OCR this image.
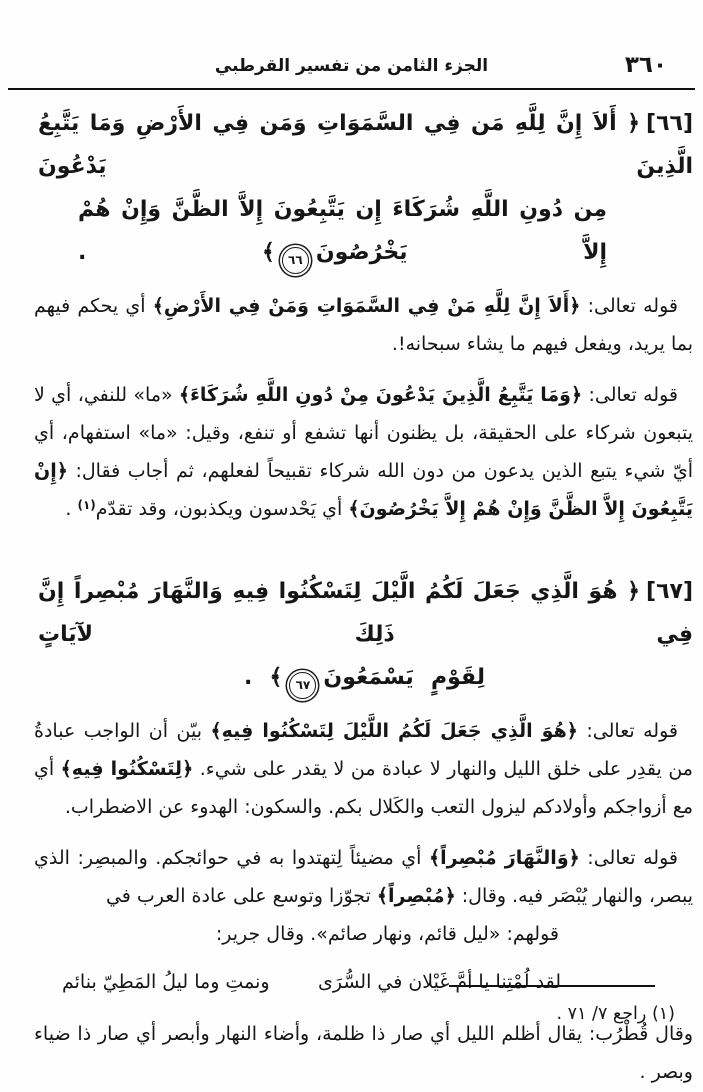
الجزء الثامن من تفسير القرطبي	٣٦٠
[٦٦]﴿ أَلاَ إِنَّ لِلَّهِ مَن فِي السَّمَوَاتِ وَمَن فِي الأَرْضِ وَمَا يَتَّبِعُ الَّذِينَ يَدْعُونَ
مِن دُونِ اللَّهِ شُرَكَاءَ إِن يَتَّبِعُونَ إِلاَّ الظَّنَّ وَإِنْ هُمْ إِلاَّ يَخْرُصُونَ٦٦﴾ .

قوله تعالى: ﴿أَلاَ إِنَّ لِلَّهِ مَنْ فِي السَّمَوَاتِ وَمَنْ فِي الأَرْضِ﴾ أي يحكم فيهم بما يريد، ويفعل فيهم ما يشاء سبحانه!.

قوله تعالى: ﴿وَمَا يَتَّبِعُ الَّذِينَ يَدْعُونَ مِنْ دُونِ اللَّهِ شُرَكَاءَ﴾ «ما» للنفي، أي لا يتبعون شركاء على الحقيقة، بل يظنون أنها تشفع أو تنفع، وقيل: «ما» استفهام، أي أيّ شيء يتبع الذين يدعون من دون الله شركاء تقبيحاً لفعلهم، ثم أجاب فقال: ﴿إِنْ يَتَّبِعُونَ إِلاَّ الظَّنَّ وَإِنْ هُمْ إِلاَّ يَخْرُصُونَ﴾ أي يَحْدسون ويكذبون، وقد تقدّم$^{(١)}$ .

[٦٧]﴿ هُوَ الَّذِي جَعَلَ لَكُمُ الَّيْلَ لِتَسْكُنُوا فِيهِ وَالنَّهَارَ مُبْصِراً إِنَّ فِي ذَلِكَ لآيَاتٍ
لِقَوْمٍ يَسْمَعُونَ٦٧﴾ .

قوله تعالى: ﴿هُوَ الَّذِي جَعَلَ لَكُمُ اللَّيْلَ لِتَسْكُنُوا فِيهِ﴾ بيّن أن الواجب عبادةُ من يقدِر على خلق الليل والنهار لا عبادة من لا يقدر على شيء. ﴿لِتَسْكُنُوا فِيهِ﴾ أي مع أزواجكم وأولادكم ليزول التعب والكَلال بكم. والسكون: الهدوء عن الاضطراب.

قوله تعالى: ﴿وَالنَّهَارَ مُبْصِراً﴾ أي مضيئاً لِتهتدوا به في حوائجكم. والمبصِر: الذي يبصر، والنهار يُبْصَر فيه. وقال: ﴿مُبْصِراً﴾ تجوّزا وتوسع على عادة العرب في

قولهم: «ليل قائم، ونهار صائم». وقال جرير:
لقد لُمْتِنا يا أمَّ غَيْلان في السُّرَى
ونمتِ وما ليلُ المَطِيّ بنائم

وقال قُطْرُب: يقال أظلم الليل أي صار ذا ظلمة، وأضاء النهار وأبصر أي صار ذا ضياء وبصر .

(١) راجع ٧/ ٧١ .
